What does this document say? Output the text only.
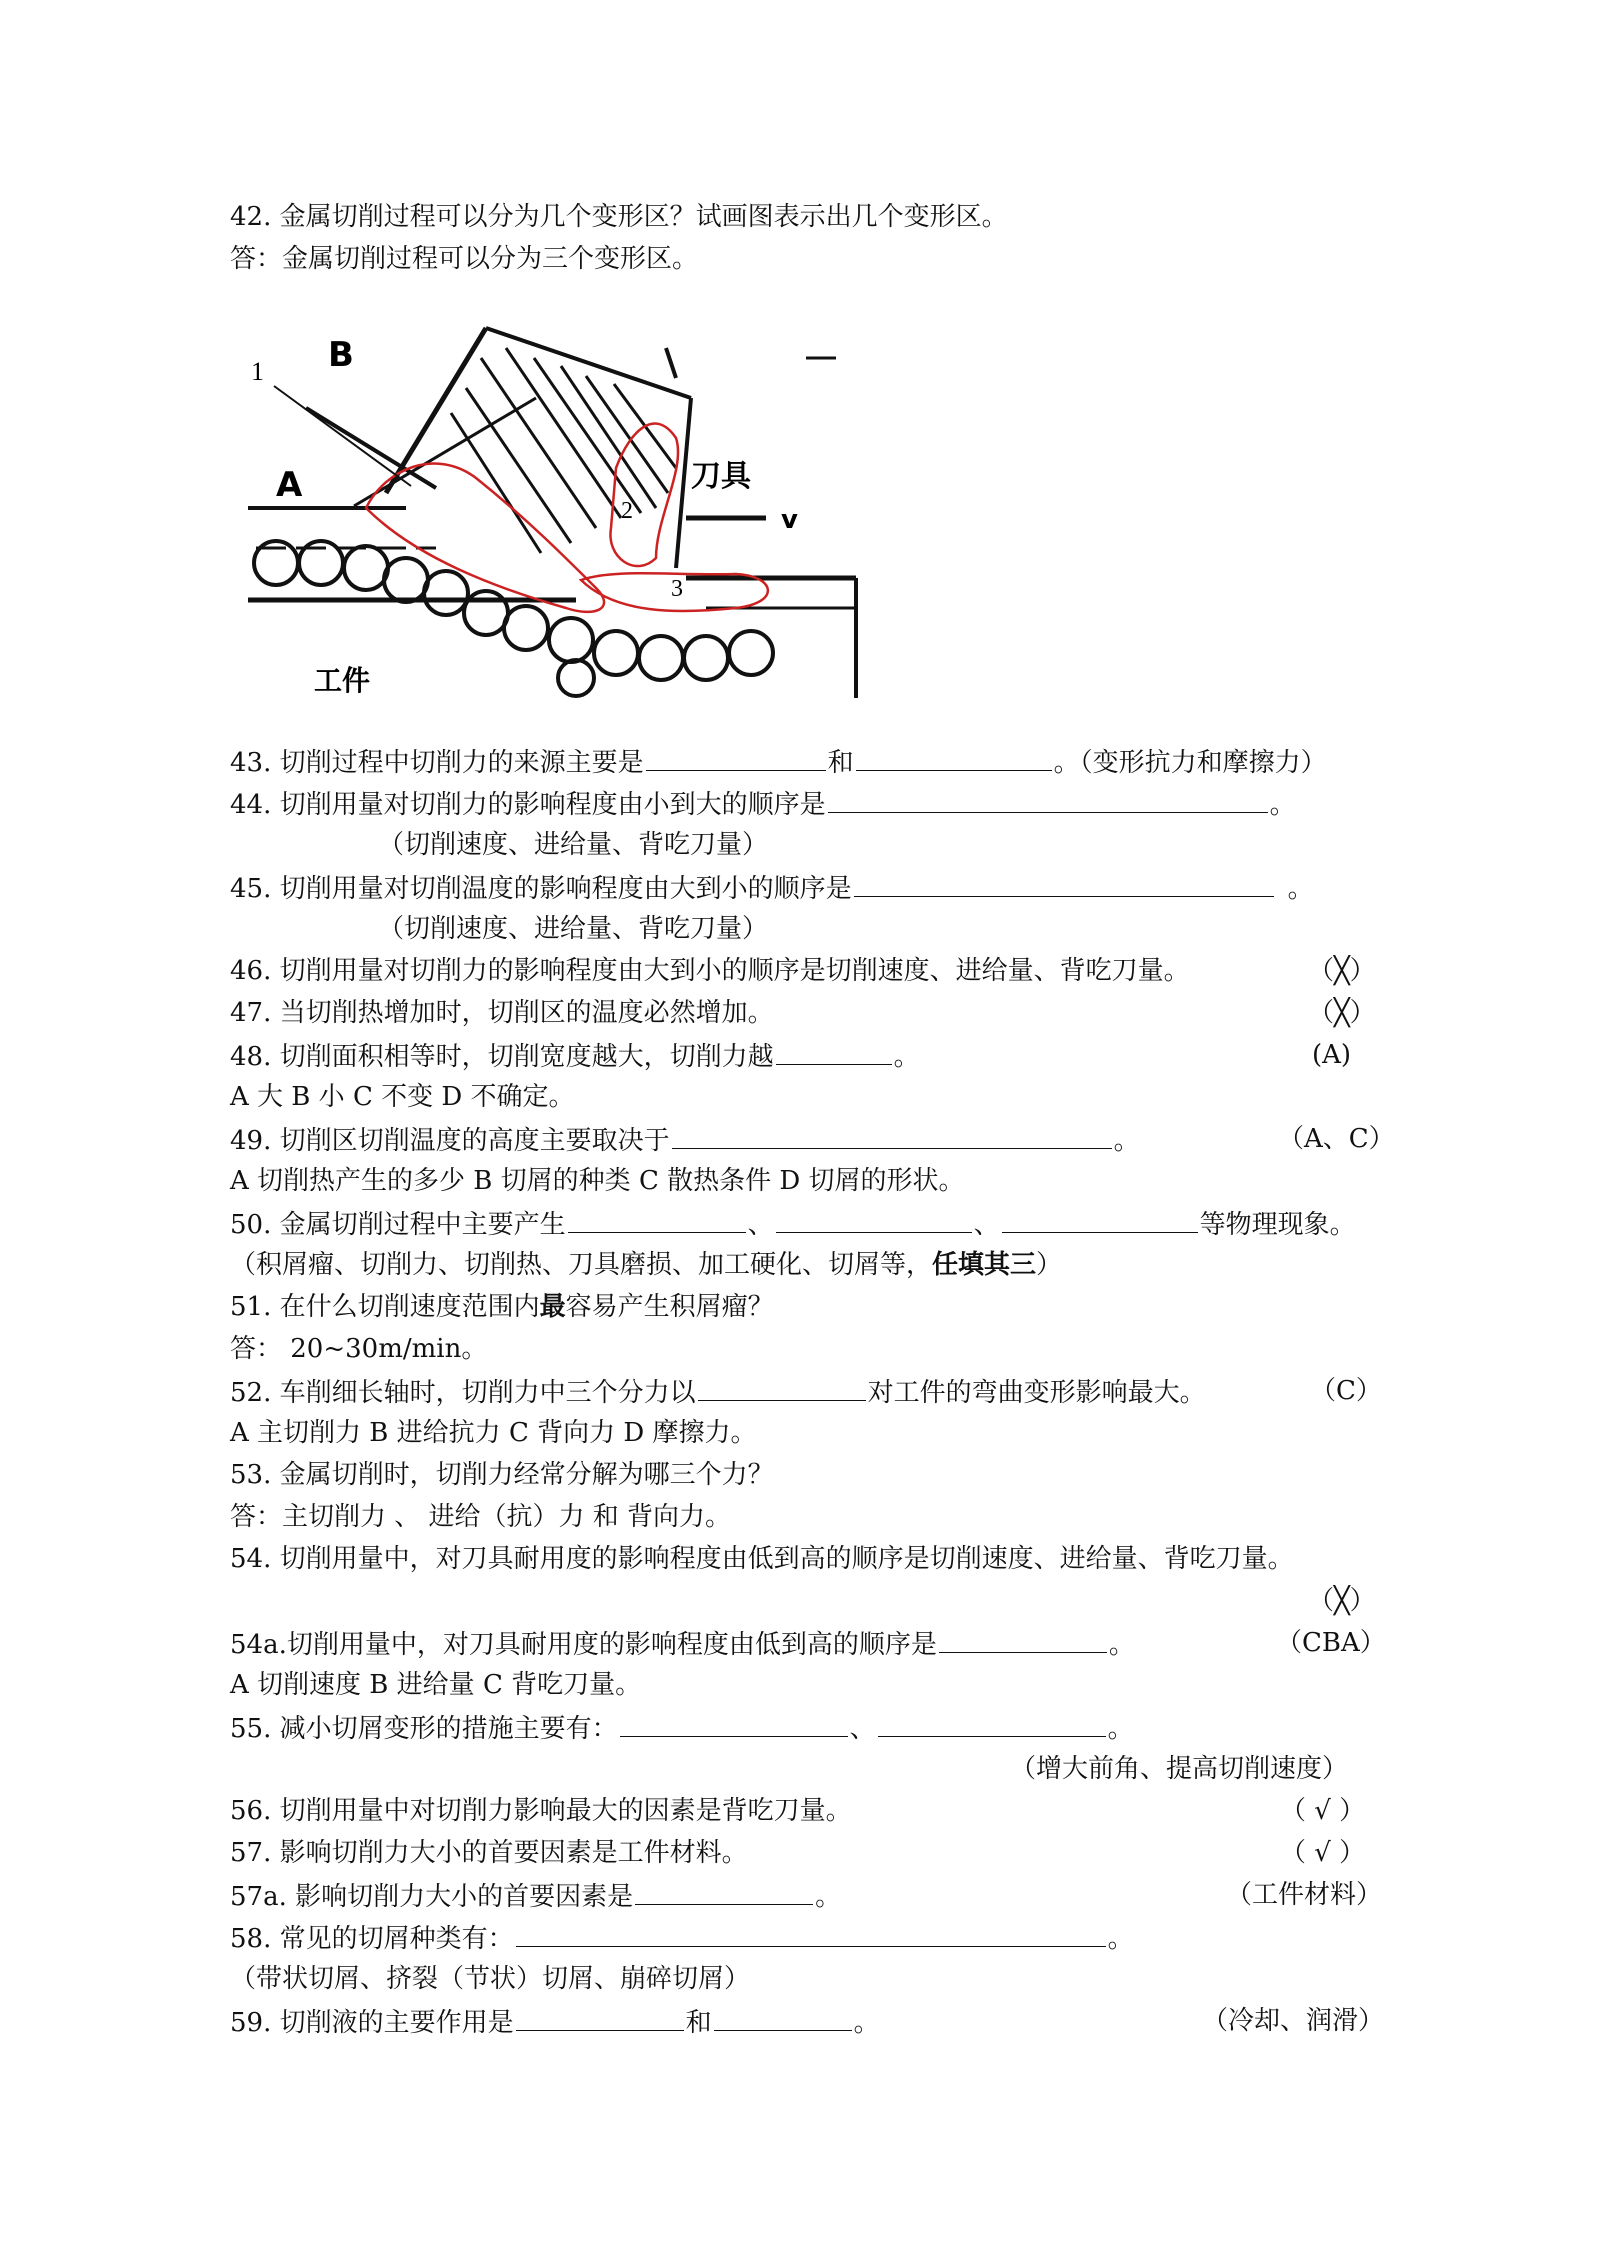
42. 金属切削过程可以分为几个变形区？试画图表示出几个变形区。
答：金属切削过程可以分为三个变形区。
1
2
3
刀具
v
工件
A
B
43. 切削过程中切削力的来源主要是	和	。（变形抗力和摩擦力）
44. 切削用量对切削力的影响程度由小到大的顺序是	。
（切削速度、进给量、背吃刀量）
45. 切削用量对切削温度的影响程度由大到小的顺序是	。
（切削速度、进给量、背吃刀量）
46. 切削用量对切削力的影响程度由大到小的顺序是切削速度、进给量、背吃刀量。	（╳）
47. 当切削热增加时，切削区的温度必然增加。	（╳）
48. 切削面积相等时，切削宽度越大，切削力越	。	(A)
A 大 B 小 C 不变 D 不确定。
49. 切削区切削温度的高度主要取决于	。	（A、C）
A 切削热产生的多少 B 切屑的种类 C 散热条件 D 切屑的形状。
50. 金属切削过程中主要产生	、	、	等物理现象。
（积屑瘤、切削力、切削热、刀具磨损、加工硬化、切屑等，任填其三）
51. 在什么切削速度范围内最容易产生积屑瘤？
答： 20~30m/min。
52. 车削细长轴时，切削力中三个分力以	对工件的弯曲变形影响最大。	（C）
A 主切削力 B 进给抗力 C 背向力 D 摩擦力。
53. 金属切削时，切削力经常分解为哪三个力？
答：主切削力 、 进给（抗）力 和 背向力。
54. 切削用量中，对刀具耐用度的影响程度由低到高的顺序是切削速度、进给量、背吃刀量。
（╳）
54a.切削用量中，对刀具耐用度的影响程度由低到高的顺序是	。	（CBA）
A 切削速度 B 进给量 C 背吃刀量。
55. 减小切屑变形的措施主要有：	、	。
（增大前角、提高切削速度）
56. 切削用量中对切削力影响最大的因素是背吃刀量。	（ √ ）
57. 影响切削力大小的首要因素是工件材料。	（ √ ）
57a. 影响切削力大小的首要因素是	。	（工件材料）
58. 常见的切屑种类有：	。
（带状切屑、挤裂（节状）切屑、崩碎切屑）
59. 切削液的主要作用是	和	。	（冷却、润滑）
